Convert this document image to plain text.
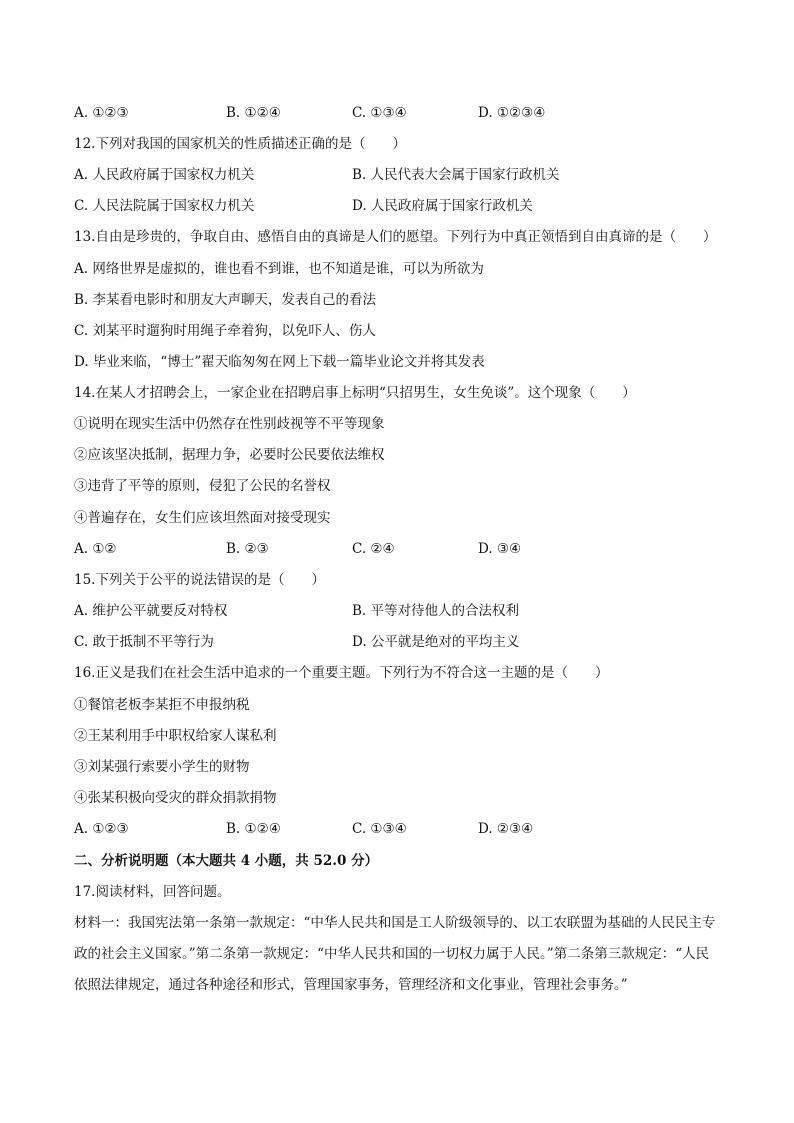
A. ①②③	B. ①②④	C. ①③④	D. ①②③④
12.下列对我国的国家机关的性质描述正确的是（　　）
A. 人民政府属于国家权力机关	B. 人民代表大会属于国家行政机关
C. 人民法院属于国家权力机关	D. 人民政府属于国家行政机关
13.自由是珍贵的，争取自由、感悟自由的真谛是人们的愿望。下列行为中真正领悟到自由真谛的是（　　）
A. 网络世界是虚拟的，谁也看不到谁，也不知道是谁，可以为所欲为
B. 李某看电影时和朋友大声聊天，发表自己的看法
C. 刘某平时遛狗时用绳子牵着狗，以免吓人、伤人
D. 毕业来临，“博士”翟天临匆匆在网上下载一篇毕业论文并将其发表
14.在某人才招聘会上，一家企业在招聘启事上标明“只招男生，女生免谈”。这个现象（　　）
①说明在现实生活中仍然存在性别歧视等不平等现象
②应该坚决抵制，据理力争，必要时公民要依法维权
③违背了平等的原则，侵犯了公民的名誉权
④普遍存在，女生们应该坦然面对接受现实
A. ①②	B. ②③	C. ②④	D. ③④
15.下列关于公平的说法错误的是（　　）
A. 维护公平就要反对特权	B. 平等对待他人的合法权利
C. 敢于抵制不平等行为	D. 公平就是绝对的平均主义
16.正义是我们在社会生活中追求的一个重要主题。下列行为不符合这一主题的是（　　）
①餐馆老板李某拒不申报纳税
②王某利用手中职权给家人谋私利
③刘某强行索要小学生的财物
④张某积极向受灾的群众捐款捐物
A. ①②③	B. ①②④	C. ①③④	D. ②③④
二、分析说明题（本大题共 4 小题，共 52.0 分）
17.阅读材料，回答问题。
材料一：我国宪法第一条第一款规定：“中华人民共和国是工人阶级领导的、以工农联盟为基础的人民民主专政的社会主义国家。”第二条第一款规定：“中华人民共和国的一切权力属于人民。”第二条第三款规定：“人民依照法律规定，通过各种途径和形式，管理国家事务，管理经济和文化事业，管理社会事务。”
